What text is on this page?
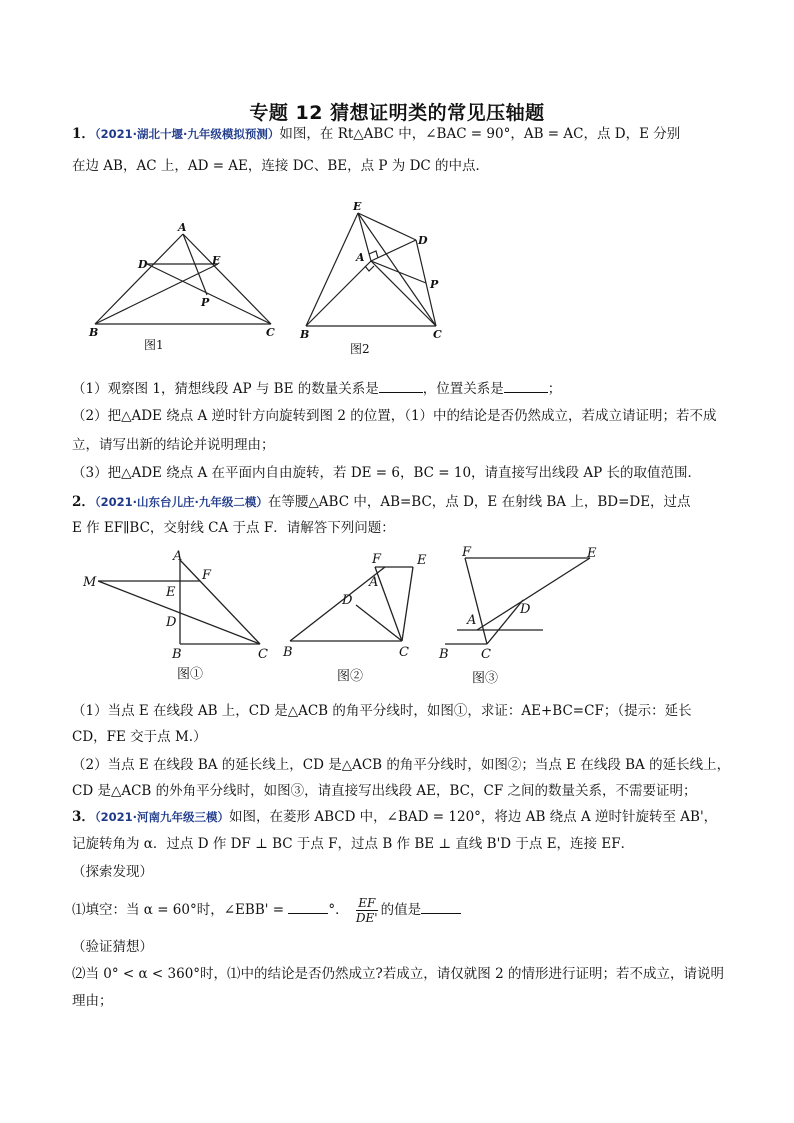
专题 12 猜想证明类的常见压轴题
1．（2021·湖北十堰·九年级模拟预测）如图，在 Rt△ABC 中，∠BAC = 90°，AB = AC，点 D，E 分别
在边 AB，AC 上，AD = AE，连接 DC、BE，点 P 为 DC 的中点．
A
D	E
P
B	C
图1
E
A
D
P
B	C
图2
（1）观察图 1，猜想线段 AP 与 BE 的数量关系是	，位置关系是	；
（2）把△ADE 绕点 A 逆时针方向旋转到图 2 的位置，（1）中的结论是否仍然成立，若成立请证明；若不成
立，请写出新的结论并说明理由；
（3）把△ADE 绕点 A 在平面内自由旋转，若 DE = 6，BC = 10，请直接写出线段 AP 长的取值范围．
2．（2021·山东台儿庄·九年级二模）在等腰△ABC 中，AB=BC，点 D，E 在射线 BA 上，BD=DE，过点
E 作 EF∥BC，交射线 CA 于点 F．请解答下列问题：
A
M	F
E
D
B	C
图①
F	E
A
D
B	C
图②
F	E
D
A
B C
图③
（1）当点 E 在线段 AB 上，CD 是△ACB 的角平分线时，如图①，求证：AE+BC=CF；（提示：延长
CD，FE 交于点 M.）
（2）当点 E 在线段 BA 的延长线上，CD 是△ACB 的角平分线时，如图②；当点 E 在线段 BA 的延长线上，
CD 是△ACB 的外角平分线时，如图③，请直接写出线段 AE，BC，CF 之间的数量关系，不需要证明；
3．（2021·河南九年级三模）如图，在菱形 ABCD 中，∠BAD = 120°，将边 AB 绕点 A 逆时针旋转至 AB'，
记旋转角为 α．过点 D 作 DF ⊥ BC 于点 F，过点 B 作 BE ⊥ 直线 B'D 于点 E，连接 EF．
（探索发现）
⑴填空：当 α = 60°时，∠EBB' =	°． $\frac{EF}{DE'}$ 的值是
（验证猜想）
⑵当 0° < α < 360°时，⑴中的结论是否仍然成立?若成立，请仅就图 2 的情形进行证明；若不成立，请说明
理由；
